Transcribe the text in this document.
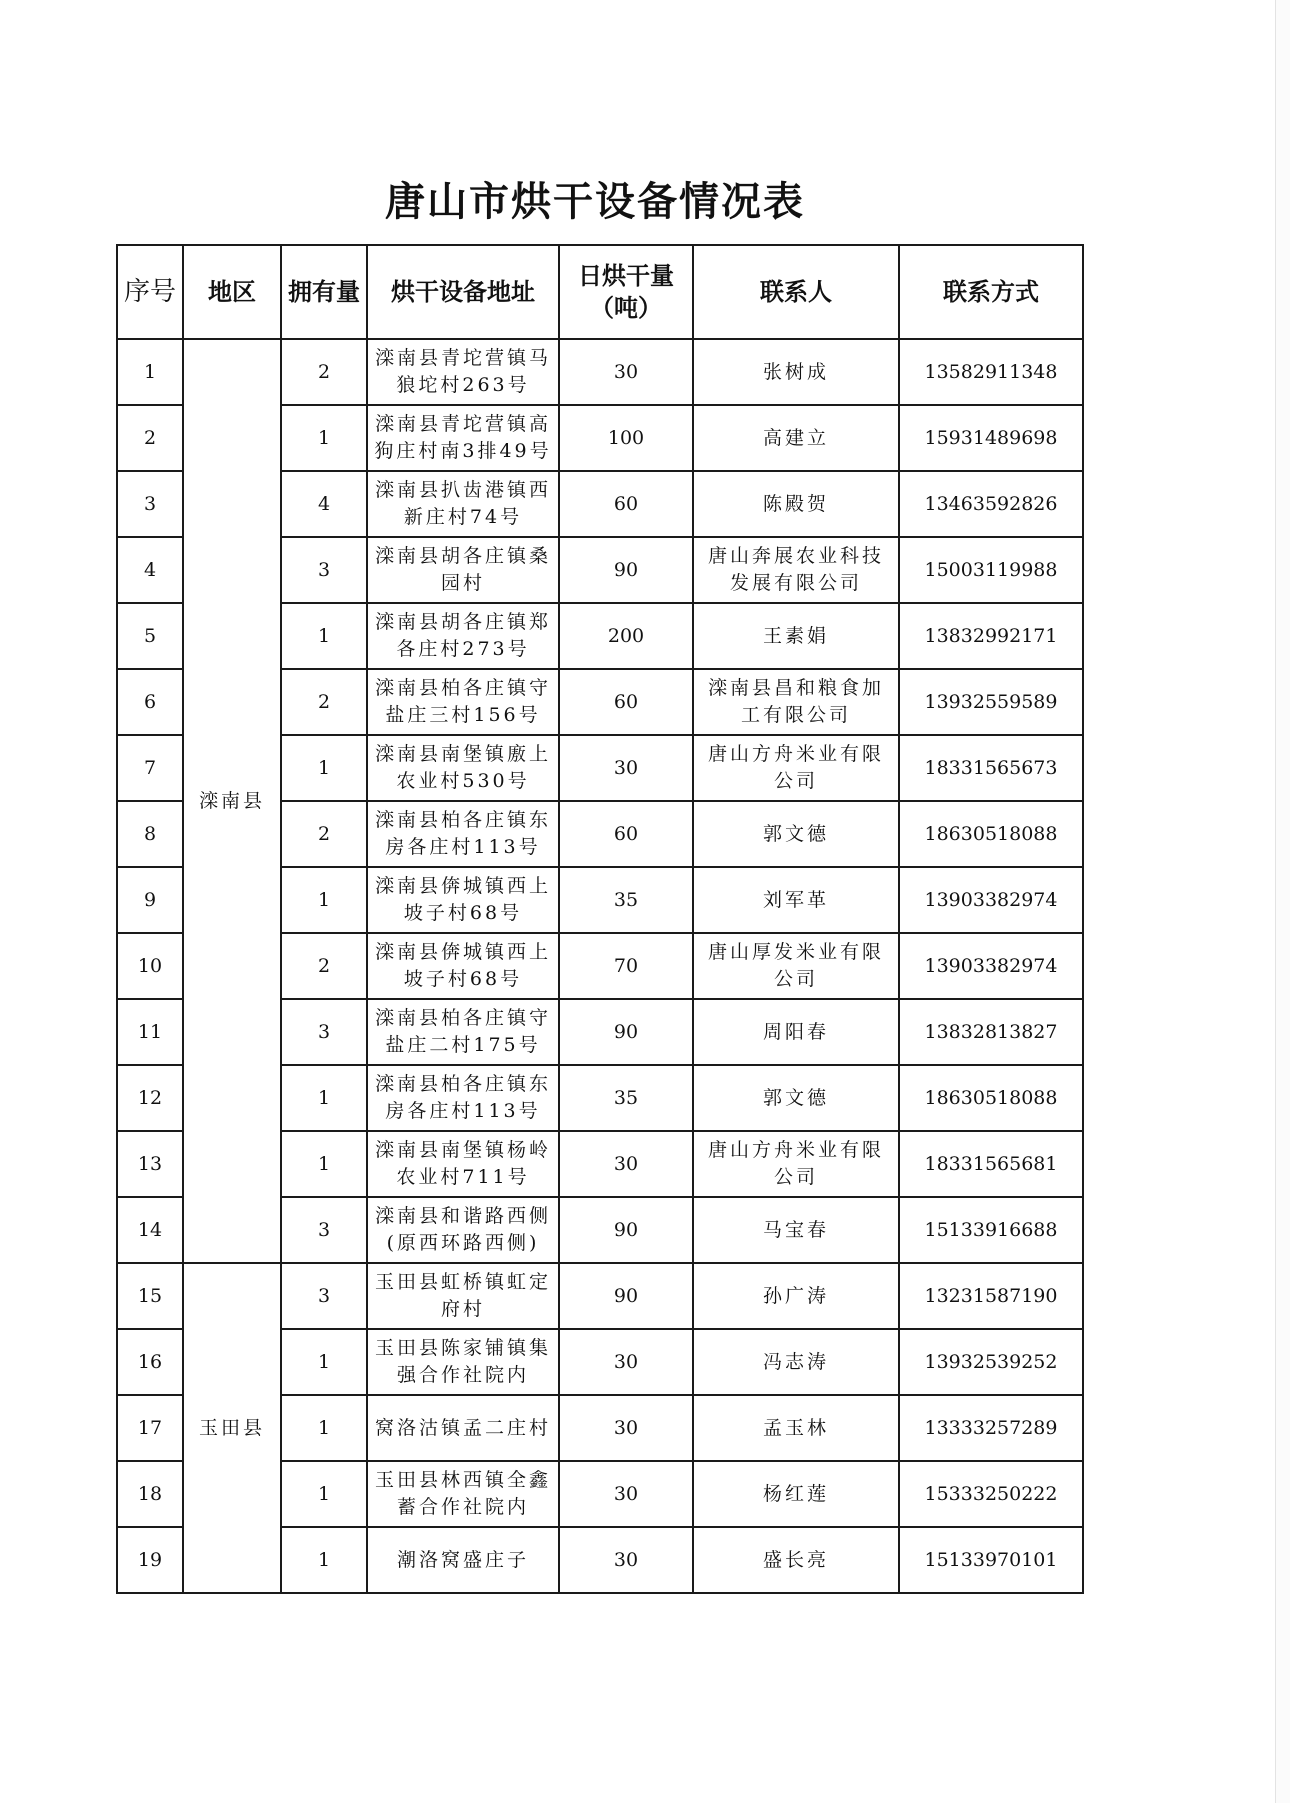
唐山市烘干设备情况表
序号	地区	拥有量	烘干设备地址	日烘干量（吨）	联系人	联系方式
1	滦南县	2	滦南县青坨营镇马狼坨村263号	30	张树成	13582911348
2		1	滦南县青坨营镇高狗庄村南3排49号	100	高建立	15931489698
3		4	滦南县扒齿港镇西新庄村74号	60	陈殿贺	13463592826
4		3	滦南县胡各庄镇桑园村	90	唐山奔展农业科技发展有限公司	15003119988
5		1	滦南县胡各庄镇郑各庄村273号	200	王素娟	13832992171
6		2	滦南县柏各庄镇守盐庄三村156号	60	滦南县昌和粮食加工有限公司	13932559589
7		1	滦南县南堡镇廒上农业村530号	30	唐山方舟米业有限公司	18331565673
8		2	滦南县柏各庄镇东房各庄村113号	60	郭文德	18630518088
9		1	滦南县倴城镇西上坡子村68号	35	刘军革	13903382974
10		2	滦南县倴城镇西上坡子村68号	70	唐山厚发米业有限公司	13903382974
11		3	滦南县柏各庄镇守盐庄二村175号	90	周阳春	13832813827
12		1	滦南县柏各庄镇东房各庄村113号	35	郭文德	18630518088
13		1	滦南县南堡镇杨岭农业村711号	30	唐山方舟米业有限公司	18331565681
14		3	滦南县和谐路西侧(原西环路西侧)	90	马宝春	15133916688
15	玉田县	3	玉田县虹桥镇虹定府村	90	孙广涛	13231587190
16		1	玉田县陈家铺镇集强合作社院内	30	冯志涛	13932539252
17		1	窝洛沽镇孟二庄村	30	孟玉林	13333257289
18		1	玉田县林西镇全鑫蓄合作社院内	30	杨红莲	15333250222
19		1	潮洛窝盛庄子	30	盛长亮	15133970101
